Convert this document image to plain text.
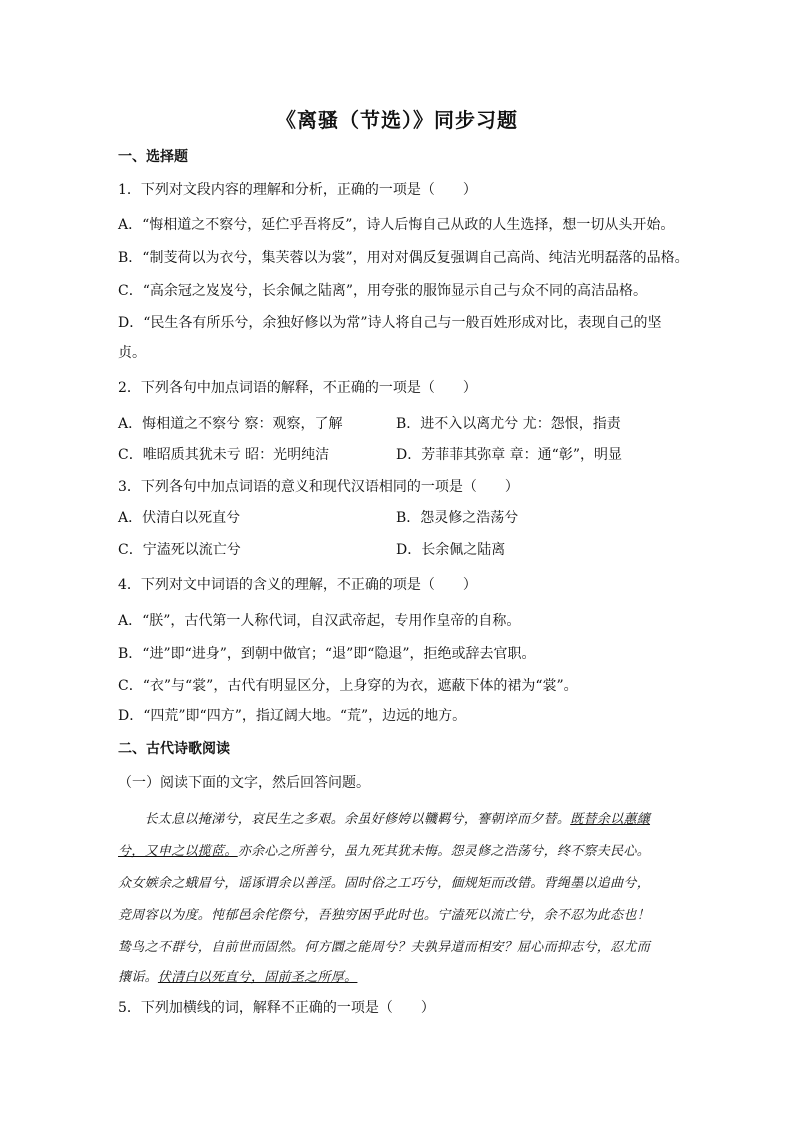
《离骚（节选）》同步习题
一、选择题
1．下列对文段内容的理解和分析，正确的一项是（　　）
A．“悔相道之不察兮，延伫乎吾将反”，诗人后悔自己从政的人生选择，想一切从头开始。
B．“制芰荷以为衣兮，集芙蓉以为裳”，用对对偶反复强调自己高尚、纯洁光明磊落的品格。
C．“高余冠之岌岌兮，长余佩之陆离”，用夸张的服饰显示自己与众不同的高洁品格。
D．“民生各有所乐兮，余独好修以为常”诗人将自己与一般百姓形成对比，表现自己的坚
贞。
2．下列各句中加点词语的解释，不正确的一项是（　　）
A．悔相道之不察兮 察：观察，了解	B．进不入以离尤兮 尤：怨恨，指责
C．唯昭质其犹未亏 昭：光明纯洁	D．芳菲菲其弥章 章：通“彰”，明显
3．下列各句中加点词语的意义和现代汉语相同的一项是（　　）
A．伏清白以死直兮	B．怨灵修之浩荡兮
C．宁溘死以流亡兮	D．长余佩之陆离
4．下列对文中词语的含义的理解，不正确的项是（　　）
A．“朕”，古代第一人称代词，自汉武帝起，专用作皇帝的自称。
B．“进”即“进身”，到朝中做官；“退”即“隐退”，拒绝或辞去官职。
C．“衣”与“裳”，古代有明显区分，上身穿的为衣，遮蔽下体的裙为“裳”。
D．“四荒”即“四方”，指辽阔大地。“荒”，边远的地方。
二、古代诗歌阅读
（一）阅读下面的文字，然后回答问题。
　　长太息以掩涕兮，哀民生之多艰。余虽好修姱以鞿羁兮，謇朝谇而夕替。既替余以蕙纕
兮，又申之以揽茝。亦余心之所善兮，虽九死其犹未悔。怨灵修之浩荡兮，终不察夫民心。
众女嫉余之蛾眉兮，谣诼谓余以善淫。固时俗之工巧兮，偭规矩而改错。背绳墨以追曲兮，
竞周容以为度。忳郁邑余侘傺兮，吾独穷困乎此时也。宁溘死以流亡兮，余不忍为此态也！
鸷鸟之不群兮，自前世而固然。何方圜之能周兮？夫孰异道而相安？屈心而抑志兮，忍尤而
攘诟。伏清白以死直兮，固前圣之所厚。
5．下列加横线的词，解释不正确的一项是（　　）
